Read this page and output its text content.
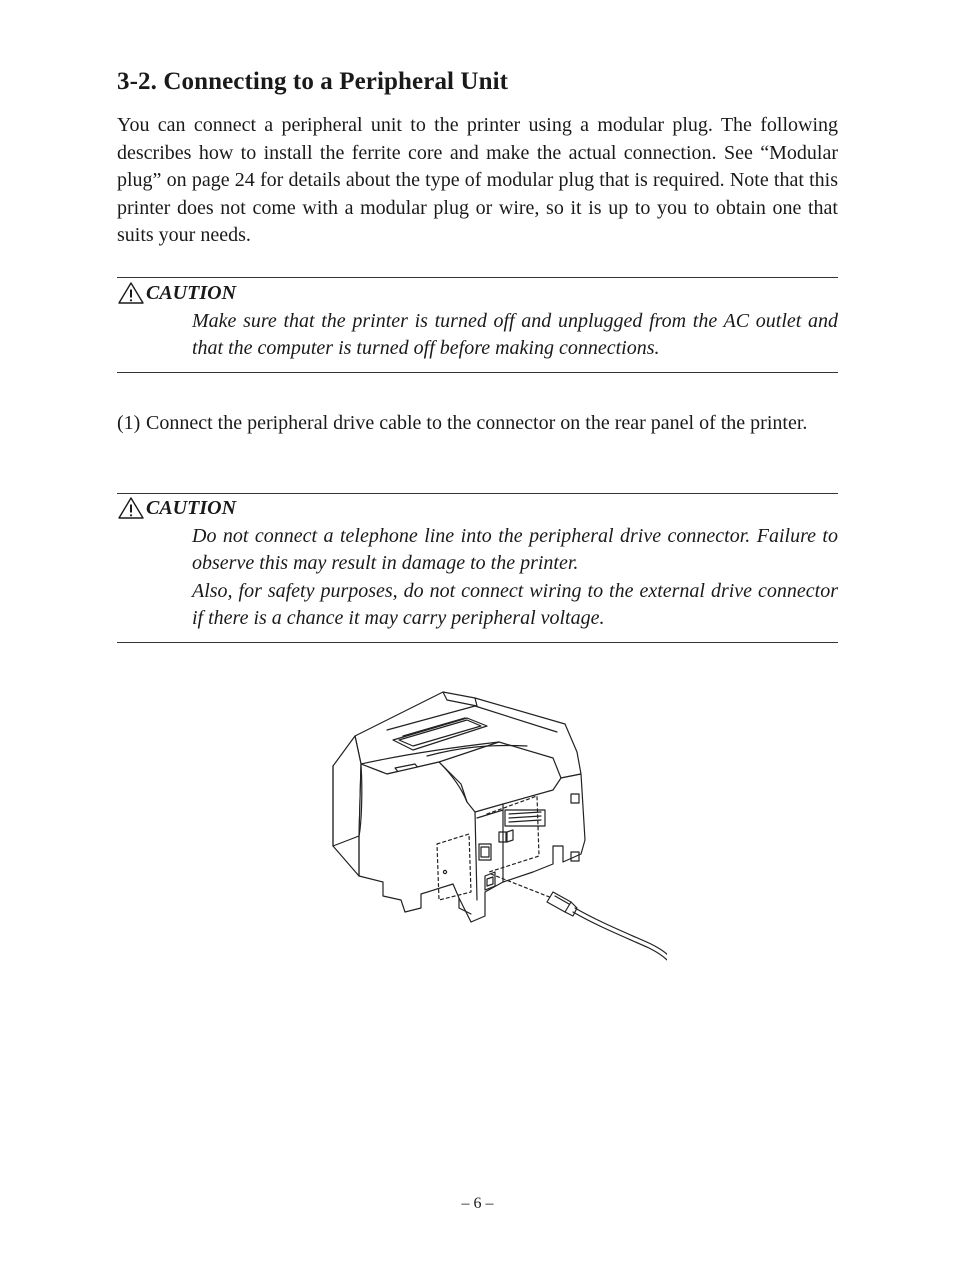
3-2. Connecting to a Peripheral Unit

You can connect a peripheral unit to the printer using a modular plug. The following describes how to install the ferrite core and make the actual connection. See “Modular plug” on page 24 for details about the type of modular plug that is required. Note that this printer does not come with a modular plug or wire, so it is up to you to obtain one that suits your needs.

CAUTION

Make sure that the printer is turned off and unplugged from the AC outlet and that the computer is turned off before making connections.

(1) Connect the peripheral drive cable to the connector on the rear panel of the printer.
CAUTION

Do not connect a telephone line into the peripheral drive connector. Failure to observe this may result in damage to the printer.

Also, for safety purposes, do not connect wiring to the external drive connector if there is a chance it may carry peripheral voltage.

– 6 –
